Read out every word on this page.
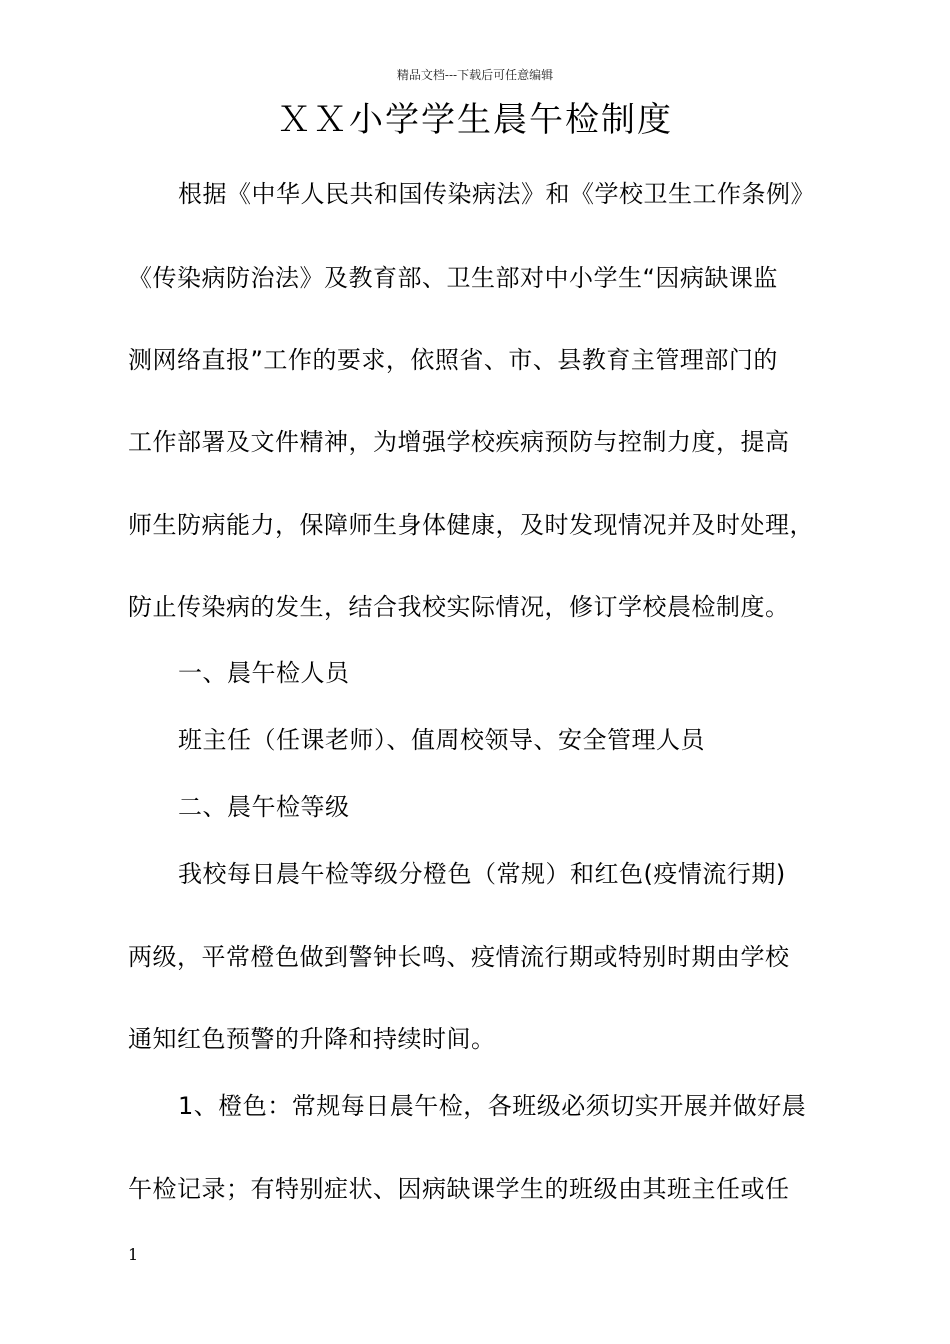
精品文档---下载后可任意编辑
ＸＸ小学学生晨午检制度
根据《中华人民共和国传染病法》和《学校卫生工作条例》
《传染病防治法》及教育部、卫生部对中小学生“因病缺课监
测网络直报”工作的要求，依照省、市、县教育主管理部门的
工作部署及文件精神，为增强学校疾病预防与控制力度，提高
师生防病能力，保障师生身体健康，及时发现情况并及时处理，
防止传染病的发生，结合我校实际情况，修订学校晨检制度。
一、晨午检人员
班主任（任课老师）、值周校领导、安全管理人员
二、晨午检等级
我校每日晨午检等级分橙色（常规）和红色(疫情流行期)
两级，平常橙色做到警钟长鸣、疫情流行期或特别时期由学校
通知红色预警的升降和持续时间。
1、橙色：常规每日晨午检，各班级必须切实开展并做好晨
午检记录；有特别症状、因病缺课学生的班级由其班主任或任
1
